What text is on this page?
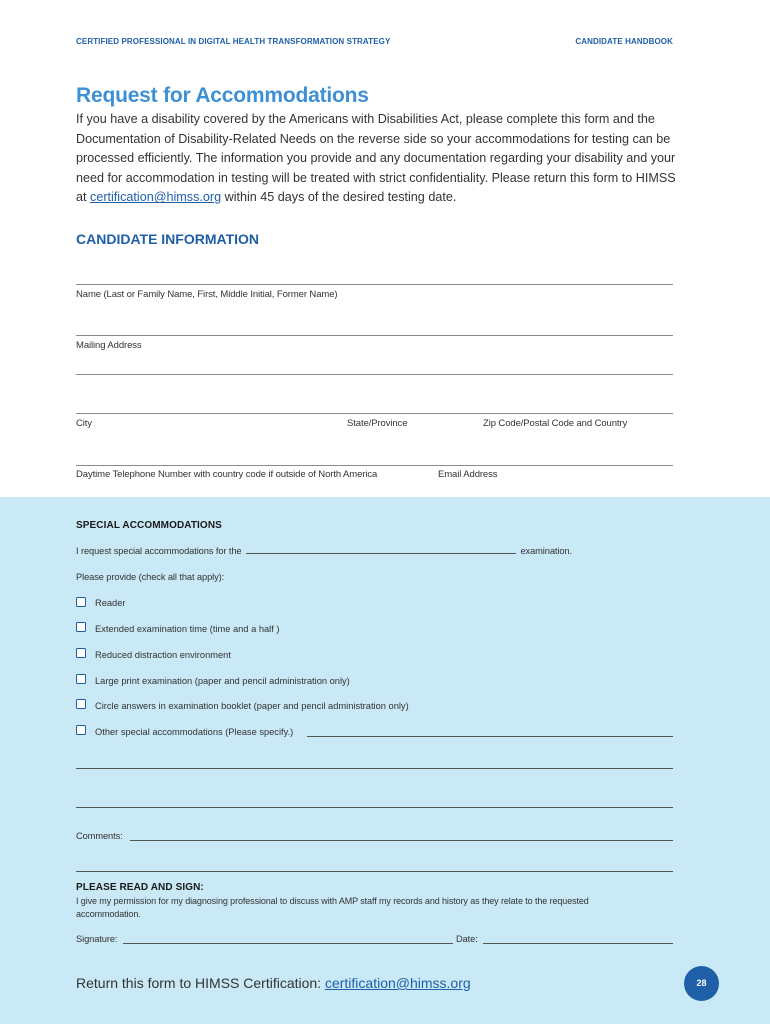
CERTIFIED PROFESSIONAL IN DIGITAL HEALTH TRANSFORMATION STRATEGY	CANDIDATE HANDBOOK
Request for Accommodations
If you have a disability covered by the Americans with Disabilities Act, please complete this form and the Documentation of Disability-Related Needs on the reverse side so your accommodations for testing can be processed efficiently. The information you provide and any documentation regarding your disability and your need for accommodation in testing will be treated with strict confidentiality. Please return this form to HIMSS at certification@himss.org within 45 days of the desired testing date.
CANDIDATE INFORMATION
Name (Last or Family Name, First, Middle Initial, Former Name)
Mailing Address
City	State/Province	Zip Code/Postal Code and Country
Daytime Telephone Number with country code if outside of North America	Email Address
SPECIAL ACCOMMODATIONS
I request special accommodations for the	examination.
Please provide (check all that apply):
Reader
Extended examination time (time and a half )
Reduced distraction environment
Large print examination (paper and pencil administration only)
Circle answers in examination booklet (paper and pencil administration only)
Other special accommodations (Please specify.)
Comments:
PLEASE READ AND SIGN:
I give my permission for my diagnosing professional to discuss with AMP staff my records and history as they relate to the requested
accommodation.
Signature:	Date:
Return this form to HIMSS Certification: certification@himss.org	28
